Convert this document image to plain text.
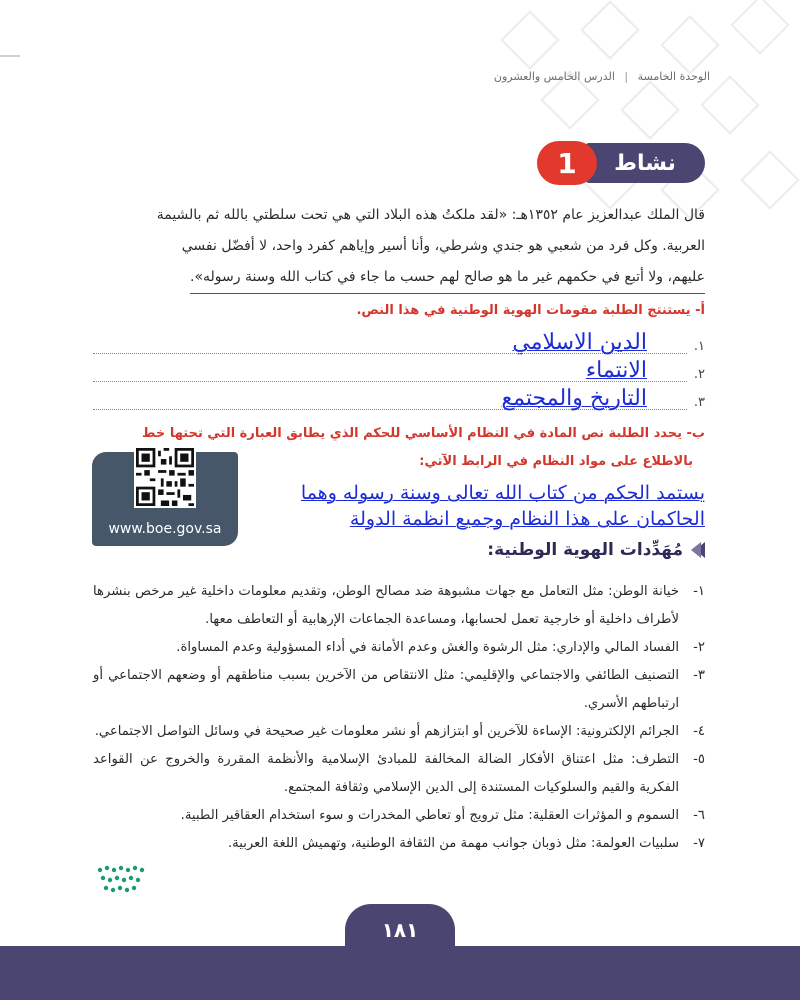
الوحدة الخامسة | الدرس الخامس والعشرون
نشاط
1
قال الملك عبدالعزيز عام ١٣٥٢هـ: «لقد ملكتُ هذه البلاد التي هي تحت سلطتي بالله ثم بالشيمة
العربية. وكل فرد من شعبي هو جندي وشرطي، وأنا أسير وإياهم كفرد واحد، لا أفضّل نفسي
عليهم، ولا أتبع في حكمهم غير ما هو صالح لهم حسب ما جاء في كتاب الله وسنة رسوله».
أ- يستنتج الطلبة مقومات الهوية الوطنية في هذا النص.
١.
الدين الاسلامي
٢.
الانتماء
٣.
التاريخ والمجتمع
ب- يحدد الطلبة نص المادة في النظام الأساسي للحكم الذي يطابق العبارة التي تحتها خط
بالاطلاع على مواد النظام في الرابط الآتي:
يستمد الحكم من كتاب الله تعالى وسنة رسوله وهما
الحاكمان على هذا النظام وجميع انظمة الدولة
www.boe.gov.sa
مُهَدِّدات الهوية الوطنية:
١-
خيانة الوطن: مثل التعامل مع جهات مشبوهة ضد مصالح الوطن، وتقديم معلومات داخلية غير مرخص بنشرها لأطراف داخلية أو خارجية تعمل لحسابها، ومساعدة الجماعات الإرهابية أو التعاطف معها.
٢-
الفساد المالي والإداري: مثل الرشوة والغش وعدم الأمانة في أداء المسؤولية وعدم المساواة.
٣-
التصنيف الطائفي والاجتماعي والإقليمي: مثل الانتقاص من الآخرين بسبب مناطقهم أو وضعهم الاجتماعي أو ارتباطهم الأسري.
٤-
الجرائم الإلكترونية: الإساءة للآخرين أو ابتزازهم أو نشر معلومات غير صحيحة في وسائل التواصل الاجتماعي.
٥-
التطرف: مثل اعتناق الأفكار الضالة المخالفة للمبادئ الإسلامية والأنظمة المقررة والخروج عن القواعد الفكرية والقيم والسلوكيات المستندة إلى الدين الإسلامي وثقافة المجتمع.
٦-
السموم و المؤثرات العقلية: مثل ترويج أو تعاطي المخدرات و سوء استخدام العقاقير الطبية.
٧-
سلبيات العولمة: مثل ذوبان جوانب مهمة من الثقافة الوطنية، وتهميش اللغة العربية.
١٨١
